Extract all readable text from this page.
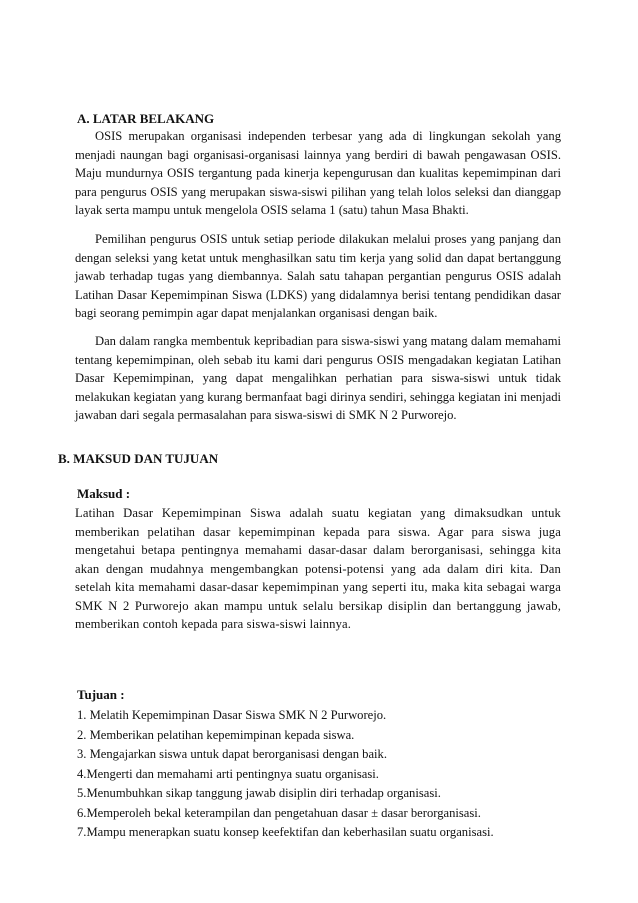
A. LATAR BELAKANG
OSIS merupakan organisasi independen terbesar yang ada di lingkungan sekolah yang menjadi naungan bagi organisasi-organisasi lainnya yang berdiri di bawah pengawasan OSIS. Maju mundurnya OSIS tergantung pada kinerja kepengurusan dan kualitas kepemimpinan dari para pengurus OSIS yang merupakan siswa-siswi pilihan yang telah lolos seleksi dan dianggap layak serta mampu untuk mengelola OSIS selama 1 (satu) tahun Masa Bhakti.
Pemilihan pengurus OSIS untuk setiap periode dilakukan melalui proses yang panjang dan dengan seleksi yang ketat untuk menghasilkan satu tim kerja yang solid dan dapat bertanggung jawab terhadap tugas yang diembannya. Salah satu tahapan pergantian pengurus OSIS adalah Latihan Dasar Kepemimpinan Siswa (LDKS) yang didalamnya berisi tentang pendidikan dasar bagi seorang pemimpin agar dapat menjalankan organisasi dengan baik.
Dan dalam rangka membentuk kepribadian para siswa-siswi yang matang dalam memahami tentang kepemimpinan, oleh sebab itu kami dari pengurus OSIS mengadakan kegiatan Latihan Dasar Kepemimpinan, yang dapat mengalihkan perhatian para siswa-siswi untuk tidak melakukan kegiatan yang kurang bermanfaat bagi dirinya sendiri, sehingga kegiatan ini menjadi jawaban dari segala permasalahan para siswa-siswi di SMK N 2 Purworejo.
B. MAKSUD DAN TUJUAN
Maksud :
Latihan Dasar Kepemimpinan Siswa adalah suatu kegiatan yang dimaksudkan untuk memberikan pelatihan dasar kepemimpinan kepada para siswa. Agar para siswa juga mengetahui betapa pentingnya memahami dasar-dasar dalam berorganisasi, sehingga kita akan dengan mudahnya mengembangkan potensi-potensi yang ada dalam diri kita. Dan setelah kita memahami dasar-dasar kepemimpinan yang seperti itu, maka kita sebagai warga SMK N 2 Purworejo akan mampu untuk selalu bersikap disiplin dan bertanggung jawab, memberikan contoh kepada para siswa-siswi lainnya.
Tujuan :
1. Melatih Kepemimpinan Dasar Siswa SMK N 2 Purworejo.
2. Memberikan pelatihan kepemimpinan kepada siswa.
3. Mengajarkan siswa untuk dapat berorganisasi dengan baik.
4.Mengerti dan memahami arti pentingnya suatu organisasi.
5.Menumbuhkan sikap tanggung jawab disiplin diri terhadap organisasi.
6.Memperoleh bekal keterampilan dan pengetahuan dasar ± dasar berorganisasi.
7.Mampu menerapkan suatu konsep keefektifan dan keberhasilan suatu organisasi.
